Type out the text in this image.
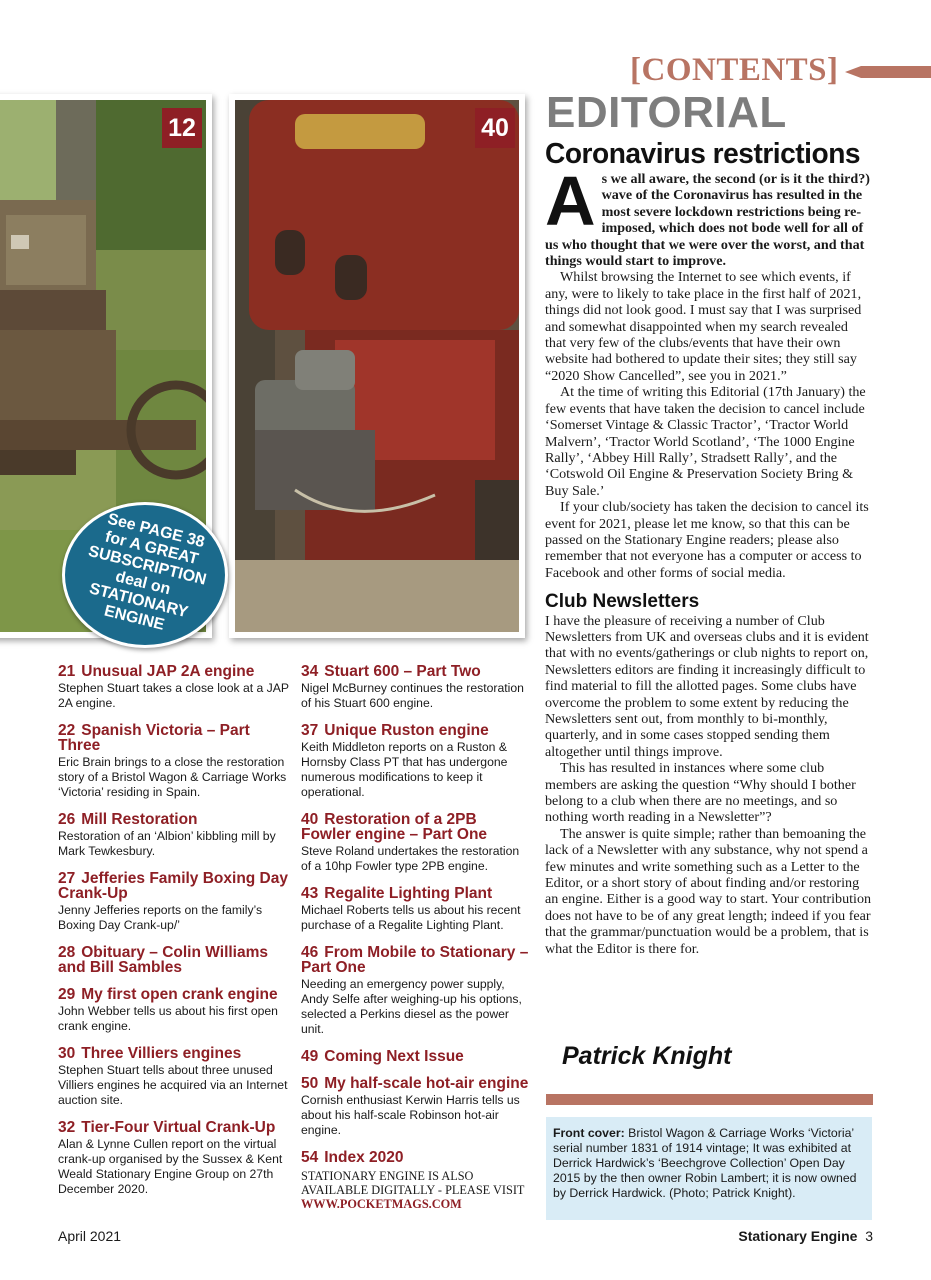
[CONTENTS]
EDITORIAL
12	40
See PAGE 38
for A GREAT
SUBSCRIPTION
deal on
STATIONARY
ENGINE
21 Unusual JAP 2A engine
Stephen Stuart takes a close look at a JAP 2A engine.
22 Spanish Victoria – Part Three
Eric Brain brings to a close the restoration story of a Bristol Wagon & Carriage Works ‘Victoria’ residing in Spain.
26 Mill Restoration
Restoration of an ‘Albion’ kibbling mill by Mark Tewkesbury.
27 Jefferies Family Boxing Day Crank-Up
Jenny Jefferies reports on the family’s Boxing Day Crank-up/’
28 Obituary – Colin Williams and Bill Sambles
29 My first open crank engine
John Webber tells us about his first open crank engine.
30 Three Villiers engines
Stephen Stuart tells about three unused Villiers engines he acquired via an Internet auction site.
32 Tier-Four Virtual Crank-Up
Alan & Lynne Cullen report on the virtual crank-up organised by the Sussex & Kent Weald Stationary Engine Group on 27th December 2020.
34 Stuart 600 – Part Two
Nigel McBurney continues the restoration of his Stuart 600 engine.
37 Unique Ruston engine
Keith Middleton reports on a Ruston & Hornsby Class PT that has undergone numerous modifications to keep it operational.
40 Restoration of a 2PB Fowler engine – Part One
Steve Roland undertakes the restoration of a 10hp Fowler type 2PB engine.
43 Regalite Lighting Plant
Michael Roberts tells us about his recent purchase of a Regalite Lighting Plant.
46 From Mobile to Stationary – Part One
Needing an emergency power supply, Andy Selfe after weighing-up his options, selected a Perkins diesel as the power unit.
49 Coming Next Issue
50 My half-scale hot-air engine
Cornish enthusiast Kerwin Harris tells us about his half-scale Robinson hot-air engine.
54 Index 2020
STATIONARY ENGINE IS ALSO AVAILABLE DIGITALLY - PLEASE VISIT
WWW.POCKETMAGS.COM
Coronavirus restrictions

As we all aware, the second (or is it the third?) wave of the Coronavirus has resulted in the most severe lockdown restrictions being re-imposed, which does not bode well for all of us who thought that we were over the worst, and that things would start to improve.

Whilst browsing the Internet to see which events, if any, were to likely to take place in the first half of 2021, things did not look good. I must say that I was surprised and somewhat disappointed when my search revealed that very few of the clubs/events that have their own website had bothered to update their sites; they still say “2020 Show Cancelled”, see you in 2021.”

At the time of writing this Editorial (17th January) the few events that have taken the decision to cancel include ‘Somerset Vintage & Classic Tractor’, ‘Tractor World Malvern’, ‘Tractor World Scotland’, ‘The 1000 Engine Rally’, ‘Abbey Hill Rally’, Stradsett Rally’, and the ‘Cotswold Oil Engine & Preservation Society Bring & Buy Sale.’

If your club/society has taken the decision to cancel its event for 2021, please let me know, so that this can be passed on the Stationary Engine readers; please also remember that not everyone has a computer or access to Facebook and other forms of social media.

Club Newsletters

I have the pleasure of receiving a number of Club Newsletters from UK and overseas clubs and it is evident that with no events/gatherings or club nights to report on, Newsletters editors are finding it increasingly difficult to find material to fill the allotted pages. Some clubs have overcome the problem to some extent by reducing the Newsletters sent out, from monthly to bi-monthly, quarterly, and in some cases stopped sending them altogether until things improve.

This has resulted in instances where some club members are asking the question “Why should I bother belong to a club when there are no meetings, and so nothing worth reading in a Newsletter”?

The answer is quite simple; rather than bemoaning the lack of a Newsletter with any substance, why not spend a few minutes and write something such as a Letter to the Editor, or a short story of about finding and/or restoring an engine. Either is a good way to start. Your contribution does not have to be of any great length; indeed if you fear that the grammar/punctuation would be a problem, that is what the Editor is there for.

Patrick Knight
Front cover: Bristol Wagon & Carriage Works ‘Victoria’ serial number 1831 of 1914 vintage; It was exhibited at Derrick Hardwick’s ‘Beechgrove Collection’ Open Day 2015 by the then owner Robin Lambert; it is now owned by Derrick Hardwick. (Photo; Patrick Knight).
April 2021	Stationary Engine 3
